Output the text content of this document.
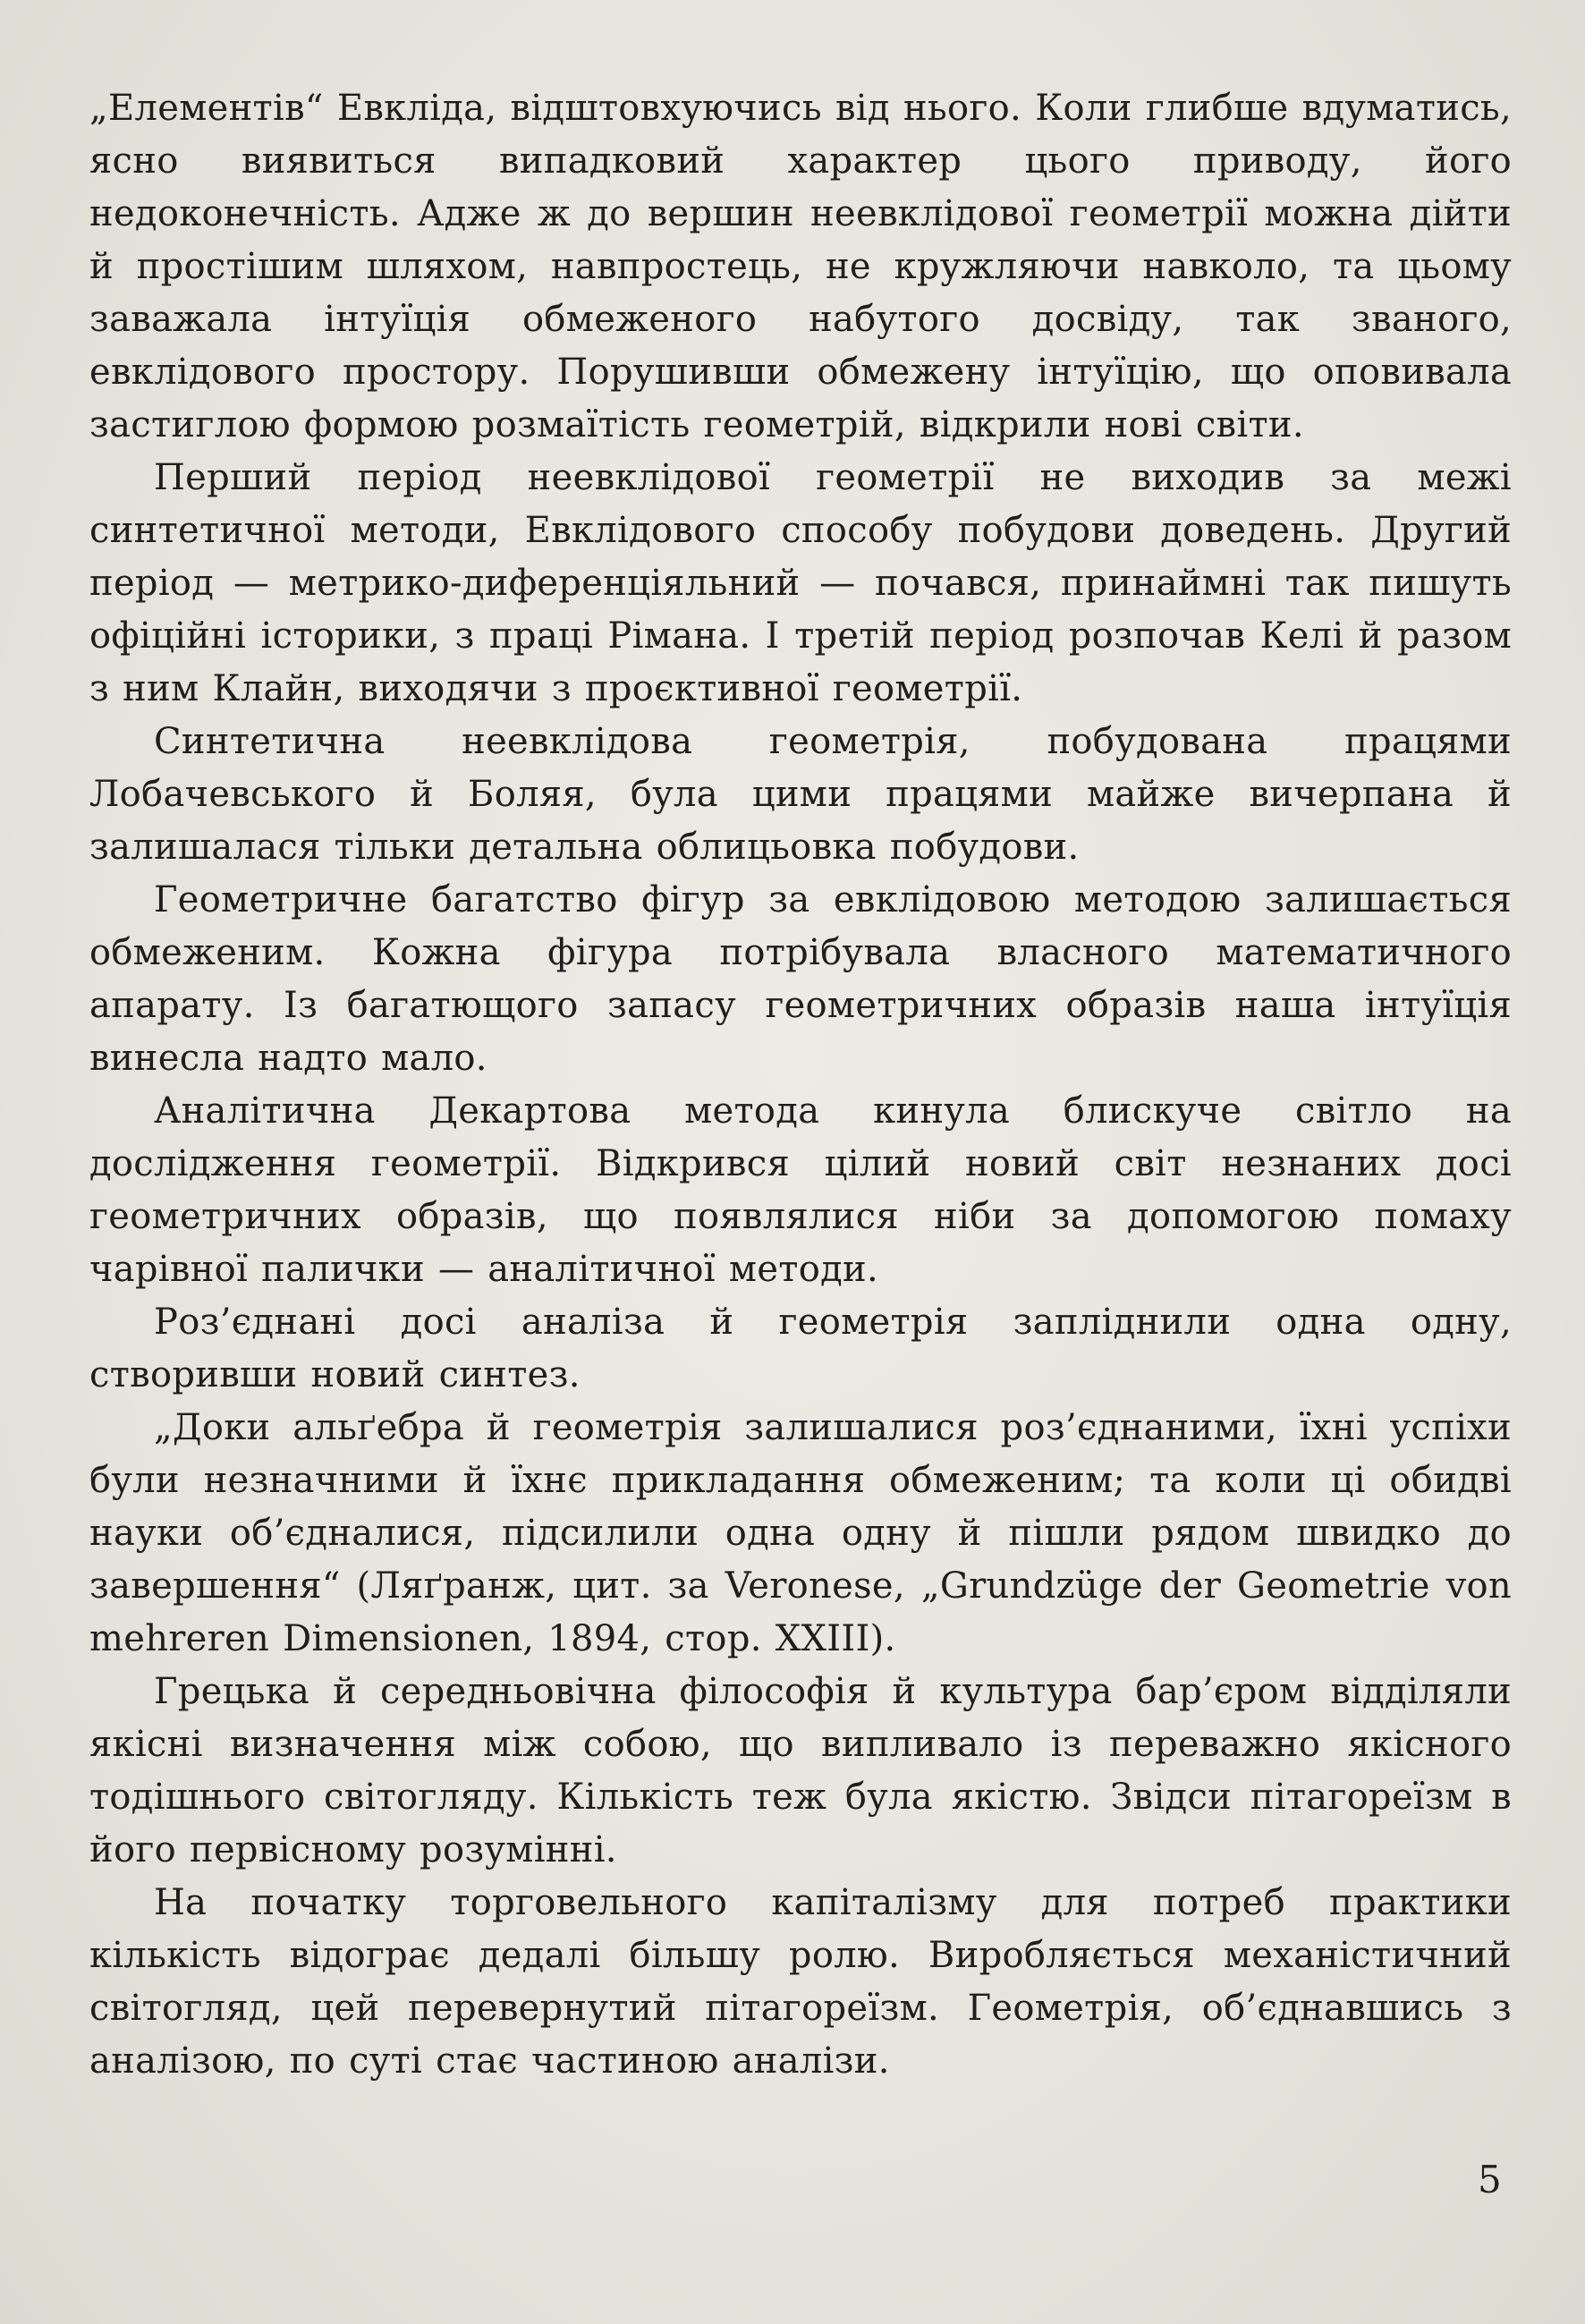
„Елементів“ Евкліда, відштовхуючись від нього. Коли глибше вдуматись, ясно виявиться випадковий характер цього приводу, його недоконечність. Адже ж до вершин неевклідової геометрії можна дійти й простішим шляхом, навпростець, не кружляючи навколо, та цьому заважала інтуїція обмеженого набутого досвіду, так званого, евклідового простору. Порушивши обмежену інтуїцію, що оповивала застиглою формою розмаїтість геометрій, відкрили нові світи.

Перший період неевклідової геометрії не виходив за межі синтетичної методи, Евклідового способу побудови доведень. Другий період — метрико-диференціяльний — почався, принаймні так пишуть офіційні історики, з праці Рімана. І третій період розпочав Келі й разом з ним Клайн, виходячи з проєктивної геометрії.

Синтетична неевклідова геометрія, побудована працями Лобачевського й Боляя, була цими працями майже вичерпана й залишалася тільки детальна облицьовка побудови.

Геометричне багатство фігур за евклідовою методою залишається обмеженим. Кожна фігура потрібувала власного математичного апарату. Із багатющого запасу геометричних образів наша інтуїція винесла надто мало.

Аналітична Декартова метода кинула блискуче світло на дослідження геометрії. Відкрився цілий новий світ незнаних досі геометричних образів, що появлялися ніби за допомогою помаху чарівної палички — аналітичної методи.

Роз’єднані досі аналіза й геометрія запліднили одна одну, створивши новий синтез.

„Доки альґебра й геометрія залишалися роз’єднаними, їхні успіхи були незначними й їхнє прикладання обмеженим; та коли ці обидві науки об’єдналися, підсилили одна одну й пішли рядом швидко до завершення“ (Ляґранж, цит. за Veronese, „Grundzüge der Geometrie von mehreren Dimensionen, 1894, стор. XXIII).

Грецька й середньовічна філософія й культура бар’єром відділяли якісні визначення між собою, що випливало із переважно якісного тодішнього світогляду. Кількість теж була якістю. Звідси пітагореїзм в його первісному розумінні.

На початку торговельного капіталізму для потреб практики кількість відограє дедалі більшу ролю. Виробляється механістичний світогляд, цей перевернутий пітагореїзм. Геометрія, об’єднавшись з аналізою, по суті стає частиною аналізи.

5
